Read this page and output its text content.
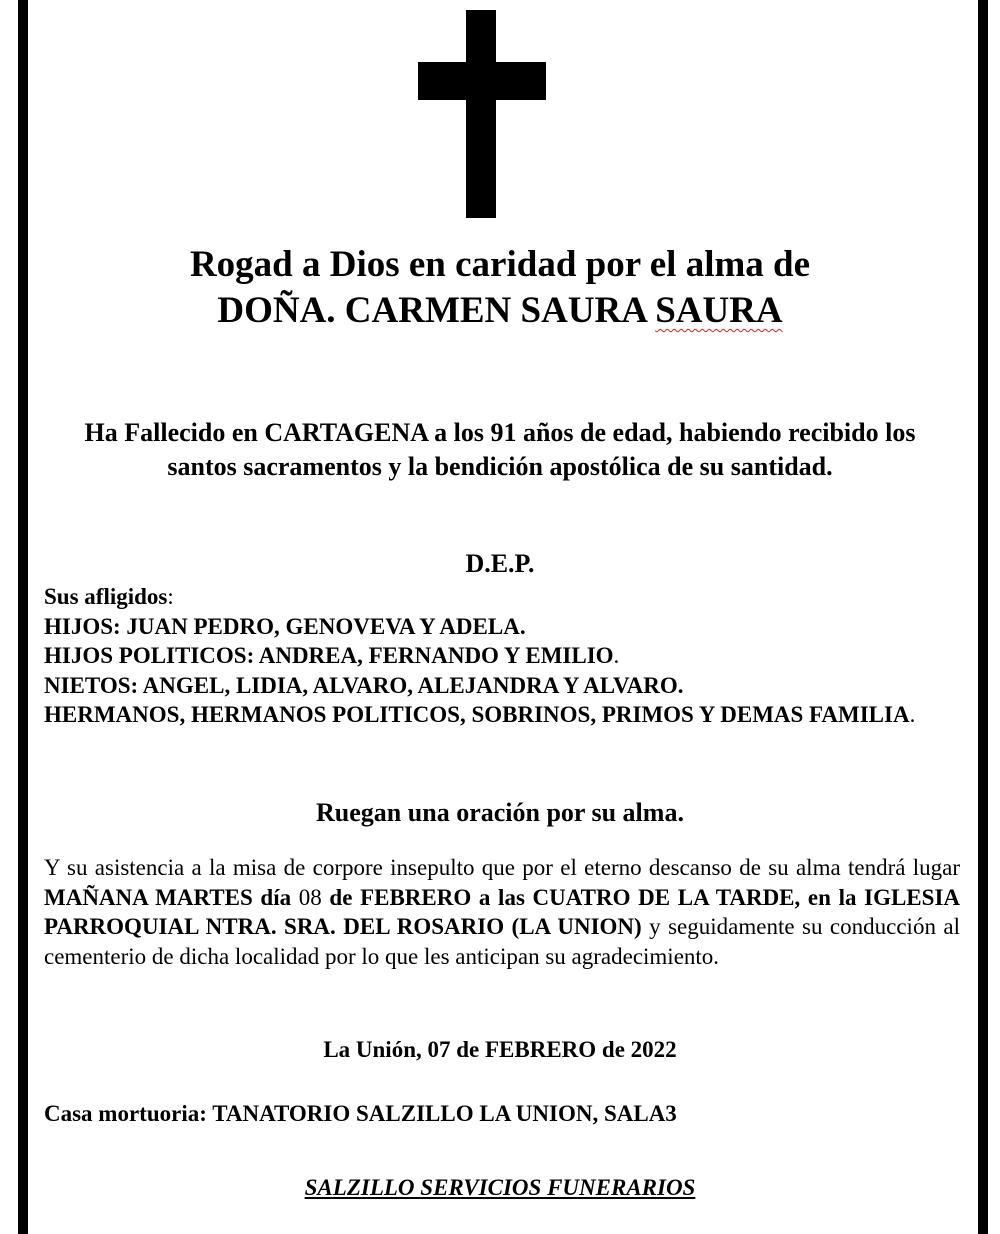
Rogad a Dios en caridad por el alma de
DOÑA. CARMEN SAURA SAURA
Ha Fallecido en CARTAGENA a los 91 años de edad, habiendo recibido los santos sacramentos y la bendición apostólica de su santidad.
D.E.P.
Sus afligidos:
HIJOS: JUAN PEDRO, GENOVEVA Y ADELA.
HIJOS POLITICOS: ANDREA, FERNANDO Y EMILIO.
NIETOS: ANGEL, LIDIA, ALVARO, ALEJANDRA Y ALVARO.
HERMANOS, HERMANOS POLITICOS, SOBRINOS, PRIMOS Y DEMAS FAMILIA.
Ruegan una oración por su alma.
Y su asistencia a la misa de corpore insepulto que por el eterno descanso de su alma tendrá lugar MAÑANA MARTES día 08 de FEBRERO a las CUATRO DE LA TARDE, en la IGLESIA PARROQUIAL NTRA. SRA. DEL ROSARIO (LA UNION) y seguidamente su conducción al cementerio de dicha localidad por lo que les anticipan su agradecimiento.
La Unión, 07 de FEBRERO de 2022
Casa mortuoria: TANATORIO SALZILLO LA UNION, SALA3
SALZILLO SERVICIOS FUNERARIOS
